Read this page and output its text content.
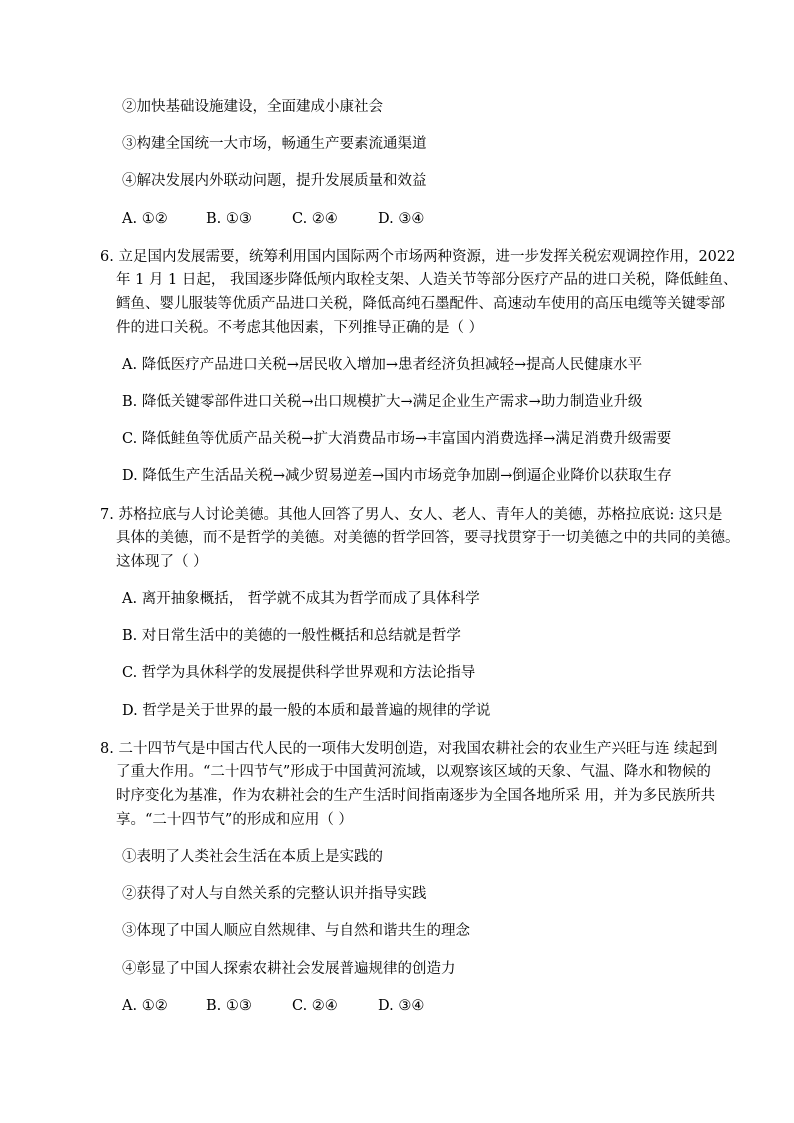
②加快基础设施建设，全面建成小康社会
③构建全国统一大市场，畅通生产要素流通渠道
④解决发展内外联动问题，提升发展质量和效益
A. ①②	B. ①③	C. ②④	D. ③④
6. 立足国内发展需要，统筹利用国内国际两个市场两种资源，进一步发挥关税宏观调控作用，2022
年 1 月 1 日起， 我国逐步降低颅内取栓支架、人造关节等部分医疗产品的进口关税，降低鲑鱼、
鳕鱼、婴儿服装等优质产品进口关税，降低高纯石墨配件、高速动车使用的高压电缆等关键零部
件的进口关税。不考虑其他因素，下列推导正确的是（ ）
A. 降低医疗产品进口关税→居民收入增加→患者经济负担减轻→提高人民健康水平
B. 降低关键零部件进口关税→出口规模扩大→满足企业生产需求→助力制造业升级
C. 降低鲑鱼等优质产品关税→扩大消费品市场→丰富国内消费选择→满足消费升级需要
D. 降低生产生活品关税→减少贸易逆差→国内市场竞争加剧→倒逼企业降价以获取生存
7. 苏格拉底与人讨论美德。其他人回答了男人、女人、老人、青年人的美德，苏格拉底说: 这只是
具体的美德，而不是哲学的美德。对美德的哲学回答，要寻找贯穿于一切美德之中的共同的美德。
这体现了（ ）
A. 离开抽象概括， 哲学就不成其为哲学而成了具体科学
B. 对日常生活中的美德的一般性概括和总结就是哲学
C. 哲学为具休科学的发展提供科学世界观和方法论指导
D. 哲学是关于世界的最一般的本质和最普遍的规律的学说
8. 二十四节气是中国古代人民的一项伟大发明创造，对我国农耕社会的农业生产兴旺与连 续起到
了重大作用。“二十四节气”形成于中国黄河流域，以观察该区域的天象、气温、降水和物候的
时序变化为基准，作为农耕社会的生产生活时间指南逐步为全国各地所采 用，并为多民族所共
享。“二十四节气”的形成和应用（ ）
①表明了人类社会生活在本质上是实践的
②获得了对人与自然关系的完整认识并指导实践
③体现了中国人顺应自然规律、与自然和谐共生的理念
④彰显了中国人探索农耕社会发展普遍规律的创造力
A. ①②	B. ①③	C. ②④	D. ③④
